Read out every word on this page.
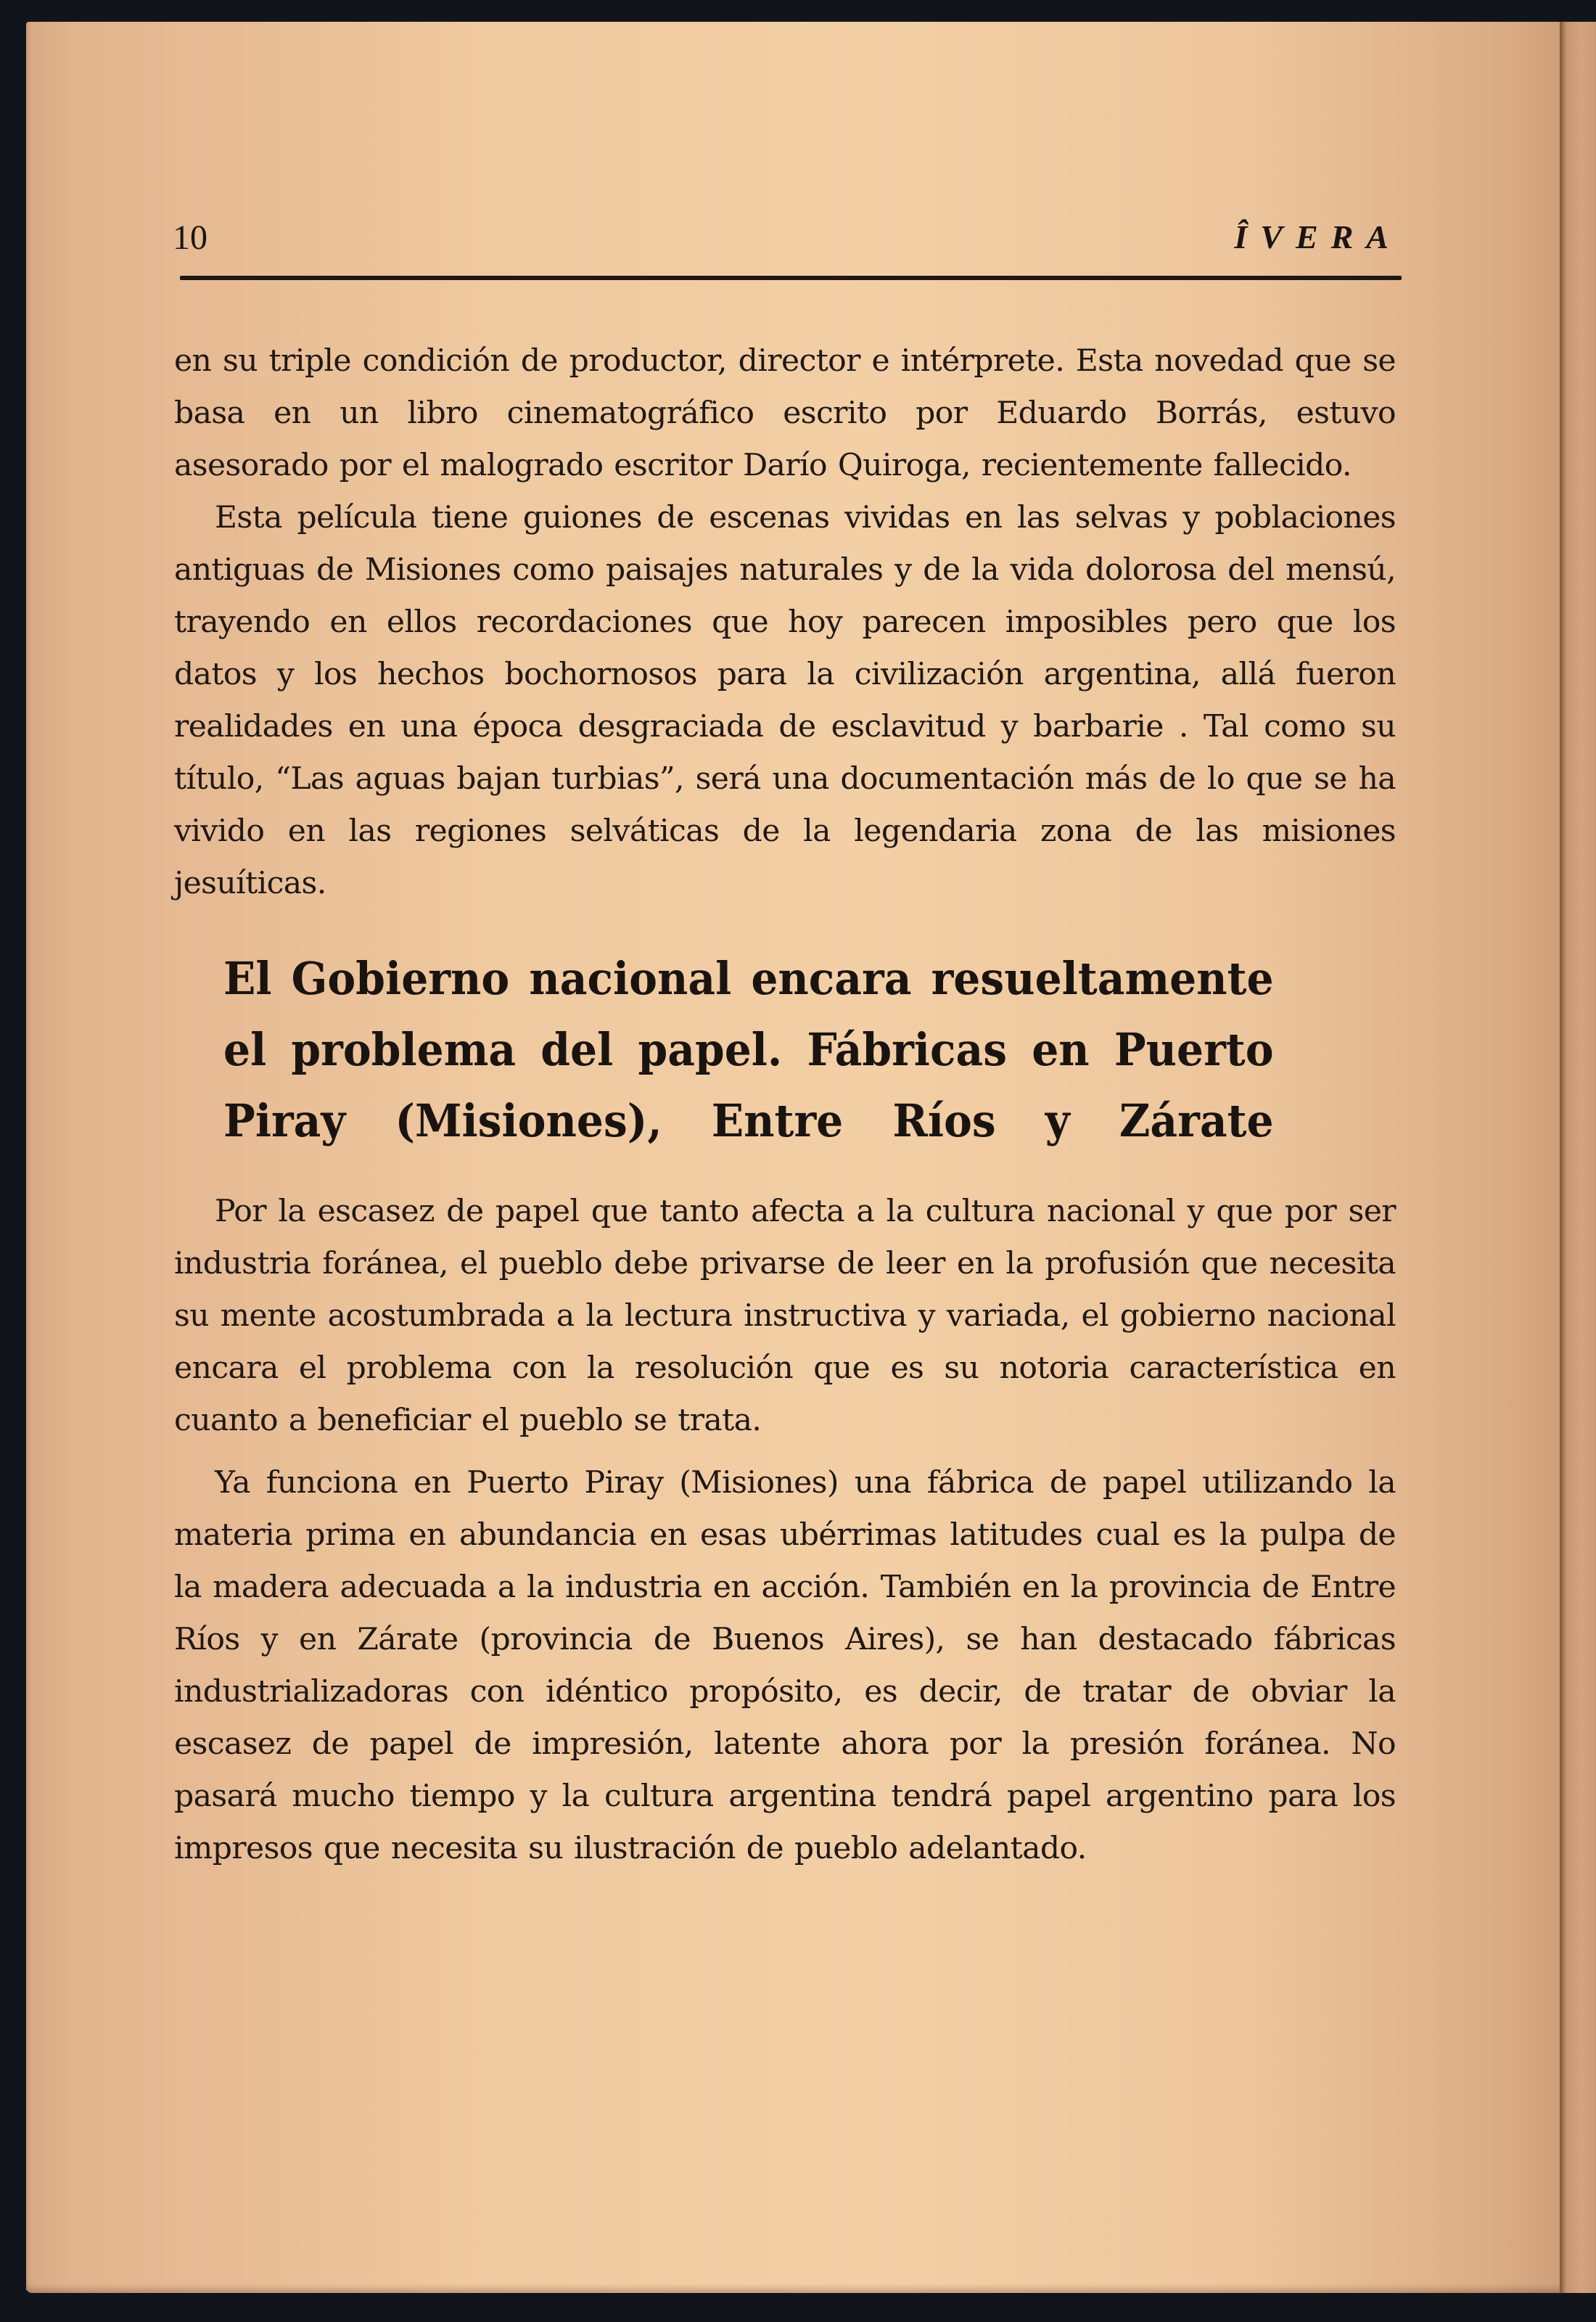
10	ÎVERA

en su triple condición de productor, director e intérprete. Esta novedad que se basa en un libro cinematográfico escrito por Eduardo Borrás, estuvo asesorado por el malogrado escritor Darío Quiroga, recientemente fallecido.

Esta película tiene guiones de escenas vividas en las selvas y poblaciones antiguas de Misiones como paisajes naturales y de la vida dolorosa del mensú, trayendo en ellos recordaciones que hoy parecen imposibles pero que los datos y los hechos bochornosos para la civilización argentina, allá fueron realidades en una época desgraciada de esclavitud y barbarie . Tal como su título, “Las aguas bajan turbias”, será una documentación más de lo que se ha vivido en las regiones selváticas de la legendaria zona de las misiones jesuíticas.

El Gobierno nacional encara resueltamente el problema del papel. Fábricas en Puerto Piray (Misiones), Entre Ríos y Zárate

Por la escasez de papel que tanto afecta a la cultura nacional y que por ser industria foránea, el pueblo debe privarse de leer en la profusión que necesita su mente acostumbrada a la lectura instructiva y variada, el gobierno nacional encara el problema con la resolución que es su notoria característica en cuanto a beneficiar el pueblo se trata.

Ya funciona en Puerto Piray (Misiones) una fábrica de papel utilizando la materia prima en abundancia en esas ubérrimas latitudes cual es la pulpa de la madera adecuada a la industria en acción. También en la provincia de Entre Ríos y en Zárate (provincia de Buenos Aires), se han destacado fábricas industrializadoras con idéntico propósito, es decir, de tratar de obviar la escasez de papel de impresión, latente ahora por la presión foránea. No pasará mucho tiempo y la cultura argentina tendrá papel argentino para los impresos que necesita su ilustración de pueblo adelantado.
